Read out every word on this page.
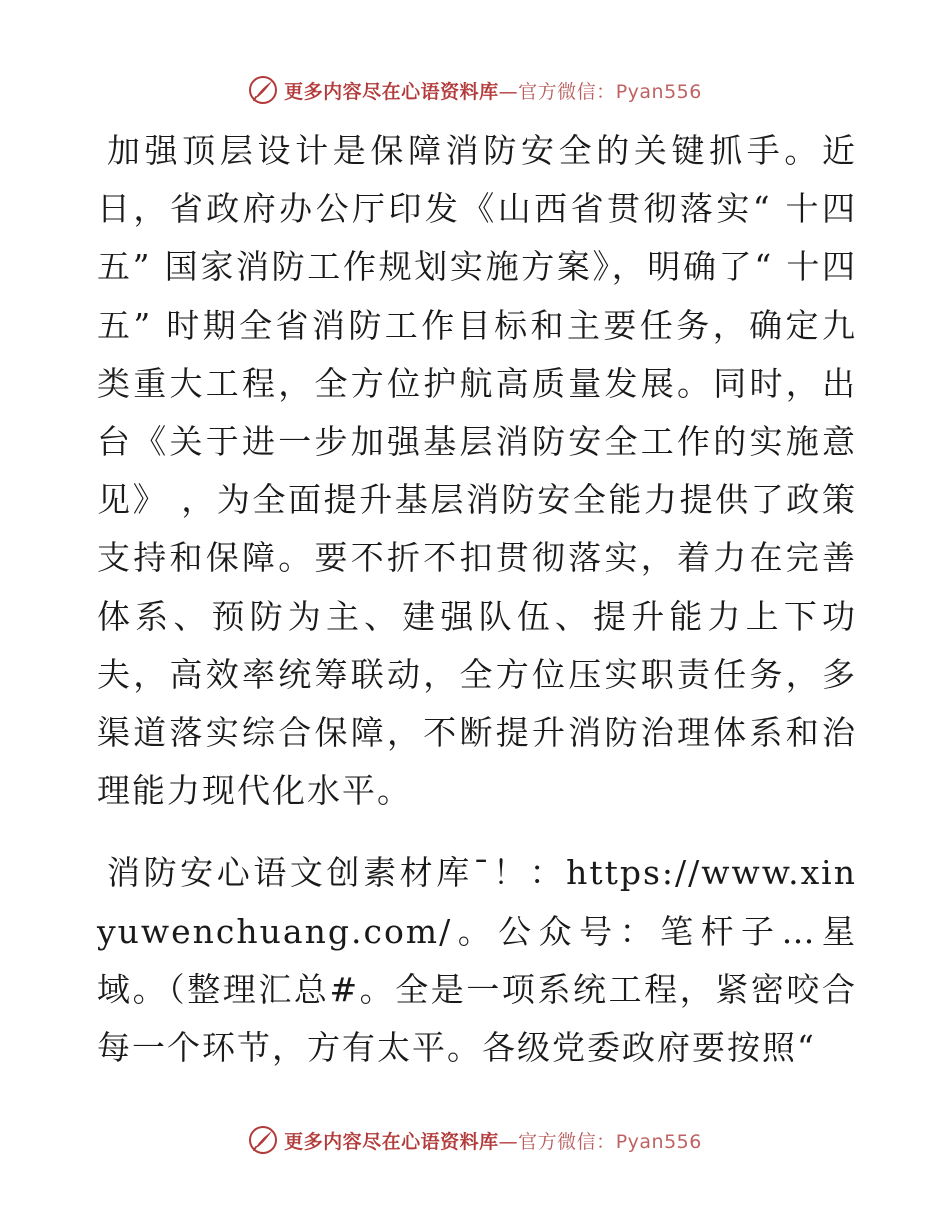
更多内容尽在心语资料库—官方微信：Pyan556

加强顶层设计是保障消防安全的关键抓手。近日，省政府办公厅印发《山西省贯彻落实“ 十四五” 国家消防工作规划实施方案》，明确了“ 十四五” 时期全省消防工作目标和主要任务，确定九类重大工程，全方位护航高质量发展。同时，出台《关于进一步加强基层消防安全工作的实施意见》 ，为全面提升基层消防安全能力提供了政策支持和保障。要不折不扣贯彻落实，着力在完善体系、预防为主、建强队伍、提升能力上下功夫，高效率统筹联动，全方位压实职责任务，多渠道落实综合保障，不断提升消防治理体系和治理能力现代化水平。

消防安心语文创素材库¯！：https://www.xinyuwenchuang.com/。公众号：笔杆子…星域。（整理汇总#。全是一项系统工程，紧密咬合每一个环节，方有太平。各级党委政府要按照“

更多内容尽在心语资料库—官方微信：Pyan556
